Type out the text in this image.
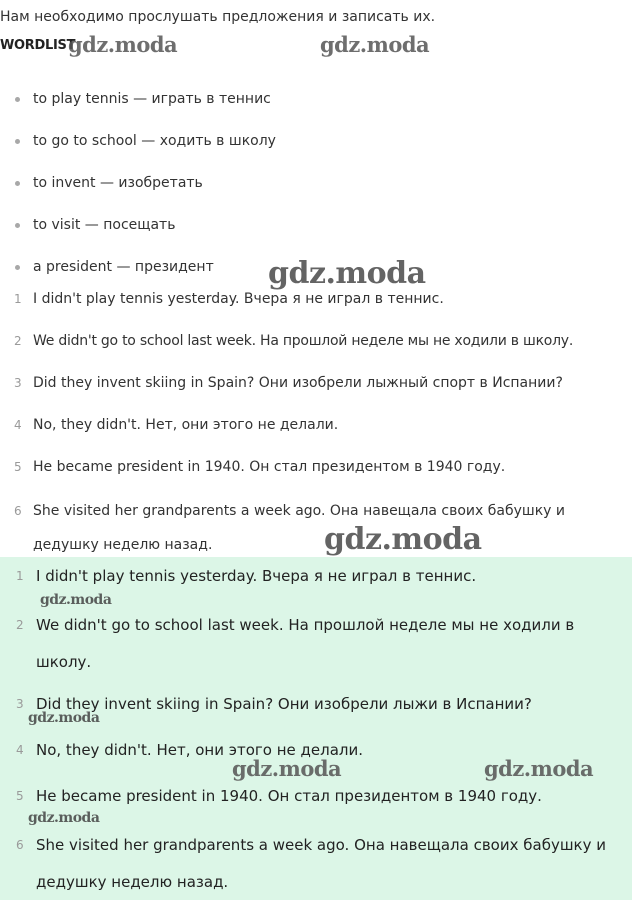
Нам необходимо прослушать предложения и записать их.
WORDLIST
to play tennis — играть в теннис
to go to school — ходить в школу
to invent — изобретать
to visit — посещать
a president — президент
1 I didn't play tennis yesterday. Вчера я не играл в теннис.
2 We didn't go to school last week. На прошлой неделе мы не ходили в школу.
3 Did they invent skiing in Spain? Они изобрели лыжный спорт в Испании?
4 No, they didn't. Нет, они этого не делали.
5 He became president in 1940. Он стал президентом в 1940 году.
6 She visited her grandparents a week ago. Она навещала своих бабушку и дедушку неделю назад.
1 I didn't play tennis yesterday. Вчера я не играл в теннис.
2 We didn't go to school last week. На прошлой неделе мы не ходили в школу.
3 Did they invent skiing in Spain? Они изобрели лыжи в Испании?
4 No, they didn't. Нет, они этого не делали.
5 He became president in 1940. Он стал президентом в 1940 году.
6 She visited her grandparents a week ago. Она навещала своих бабушку и дедушку неделю назад.
gdz.moda	gdz.moda
gdz.moda
gdz.moda
gdz.moda
gdz.moda
gdz.moda	gdz.moda
gdz.moda
